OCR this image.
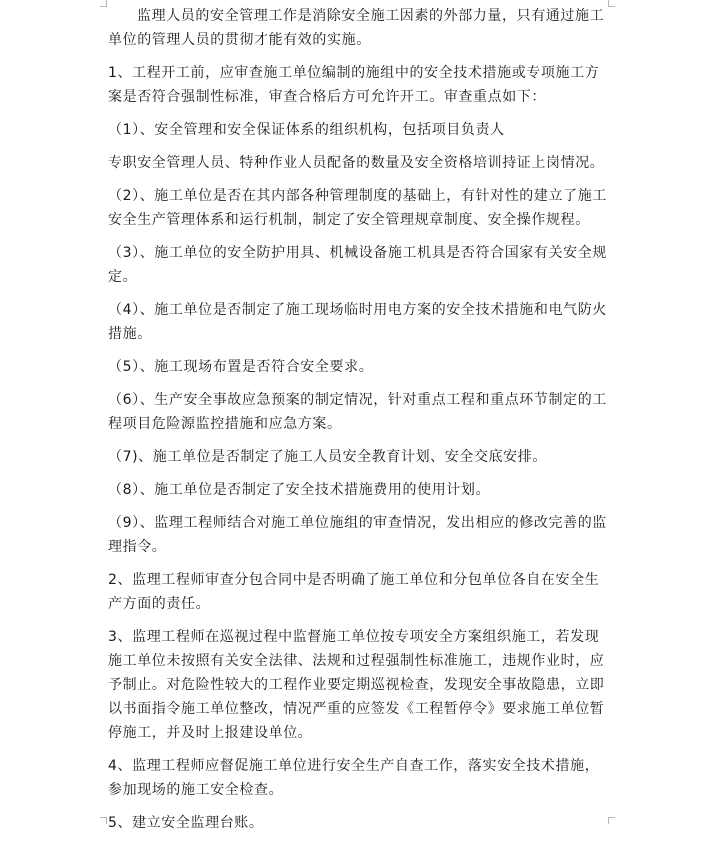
监理人员的安全管理工作是消除安全施工因素的外部力量，只有通过施工单位的管理人员的贯彻才能有效的实施。

1、工程开工前，应审查施工单位编制的施组中的安全技术措施或专项施工方案是否符合强制性标准，审查合格后方可允许开工。审查重点如下：

（1）、安全管理和安全保证体系的组织机构，包括项目负责人

专职安全管理人员、特种作业人员配备的数量及安全资格培训持证上岗情况。

（2）、施工单位是否在其内部各种管理制度的基础上，有针对性的建立了施工安全生产管理体系和运行机制，制定了安全管理规章制度、安全操作规程。

（3）、施工单位的安全防护用具、机械设备施工机具是否符合国家有关安全规定。

（4）、施工单位是否制定了施工现场临时用电方案的安全技术措施和电气防火措施。

（5）、施工现场布置是否符合安全要求。

（6）、生产安全事故应急预案的制定情况，针对重点工程和重点环节制定的工程项目危险源监控措施和应急方案。

（7)、施工单位是否制定了施工人员安全教育计划、安全交底安排。

（8）、施工单位是否制定了安全技术措施费用的使用计划。

（9）、监理工程师结合对施工单位施组的审查情况，发出相应的修改完善的监理指令。

2、监理工程师审查分包合同中是否明确了施工单位和分包单位各自在安全生产方面的责任。

3、监理工程师在巡视过程中监督施工单位按专项安全方案组织施工，若发现施工单位未按照有关安全法律、法规和过程强制性标准施工，违规作业时，应予制止。对危险性较大的工程作业要定期巡视检查，发现安全事故隐患，立即以书面指令施工单位整改，情况严重的应签发《工程暂停令》要求施工单位暂停施工，并及时上报建设单位。

4、监理工程师应督促施工单位进行安全生产自查工作，落实安全技术措施，参加现场的施工安全检查。

5、建立安全监理台账。
